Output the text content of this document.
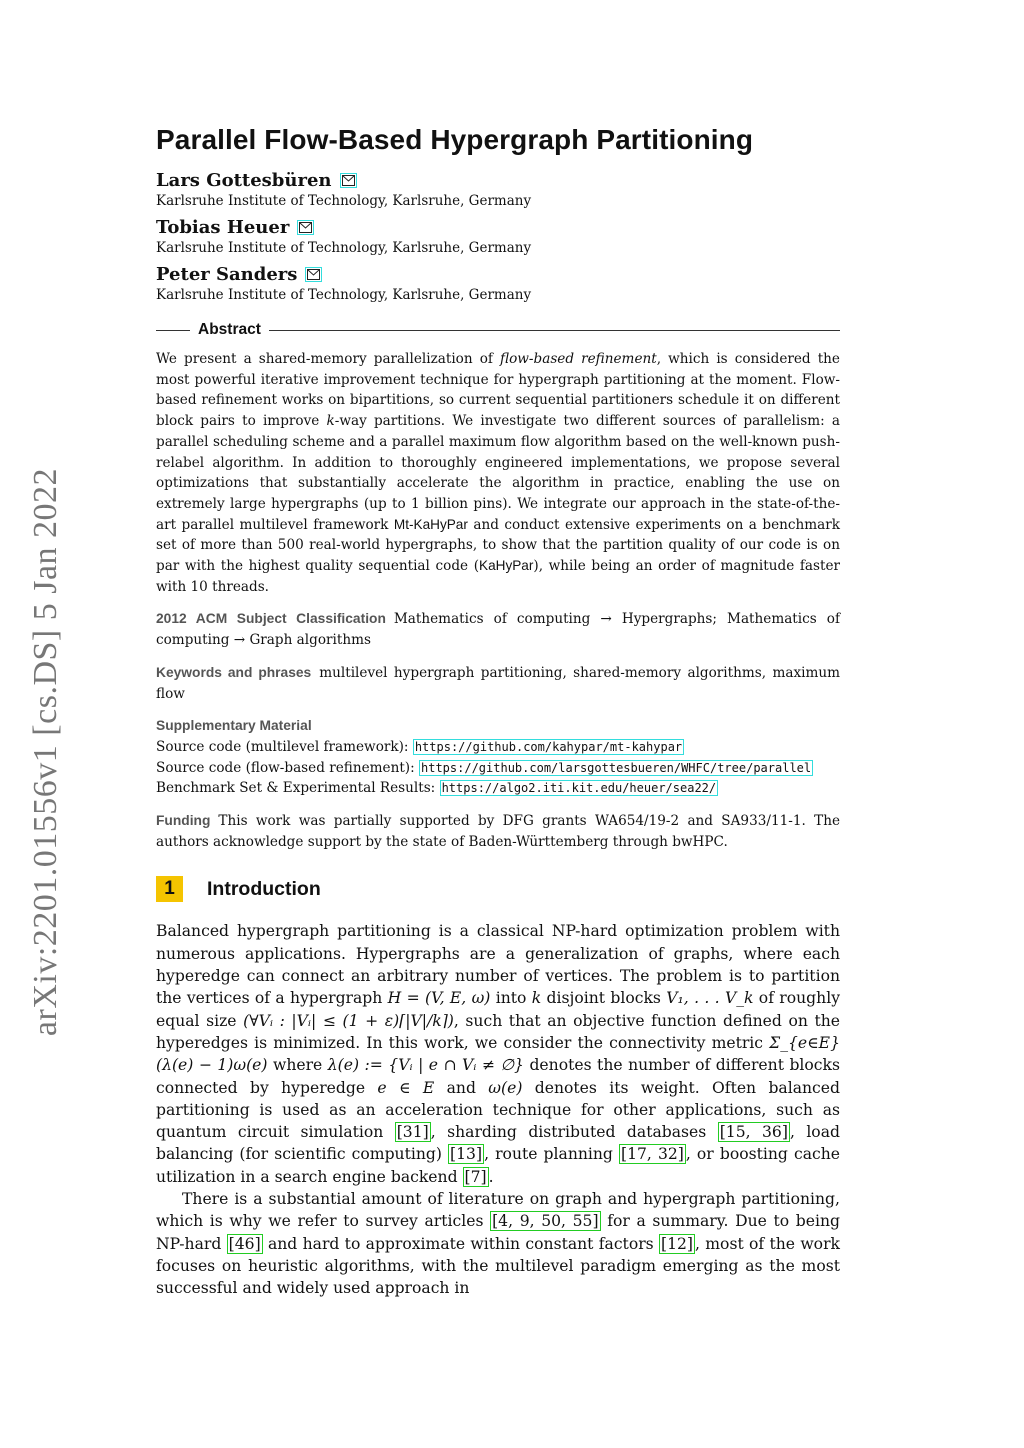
arXiv:2201.01556v1 [cs.DS] 5 Jan 2022
Parallel Flow-Based Hypergraph Partitioning
Lars Gottesbüren
Karlsruhe Institute of Technology, Karlsruhe, Germany
Tobias Heuer
Karlsruhe Institute of Technology, Karlsruhe, Germany
Peter Sanders
Karlsruhe Institute of Technology, Karlsruhe, Germany
Abstract
We present a shared-memory parallelization of flow-based refinement, which is considered the most powerful iterative improvement technique for hypergraph partitioning at the moment. Flow-based refinement works on bipartitions, so current sequential partitioners schedule it on different block pairs to improve k-way partitions. We investigate two different sources of parallelism: a parallel scheduling scheme and a parallel maximum flow algorithm based on the well-known push-relabel algorithm. In addition to thoroughly engineered implementations, we propose several optimizations that substantially accelerate the algorithm in practice, enabling the use on extremely large hypergraphs (up to 1 billion pins). We integrate our approach in the state-of-the-art parallel multilevel framework Mt-KaHyPar and conduct extensive experiments on a benchmark set of more than 500 real-world hypergraphs, to show that the partition quality of our code is on par with the highest quality sequential code (KaHyPar), while being an order of magnitude faster with 10 threads.
2012 ACM Subject Classification Mathematics of computing → Hypergraphs; Mathematics of computing → Graph algorithms
Keywords and phrases multilevel hypergraph partitioning, shared-memory algorithms, maximum flow
Supplementary Material
Source code (multilevel framework): https://github.com/kahypar/mt-kahypar
Source code (flow-based refinement): https://github.com/larsgottesbueren/WHFC/tree/parallel
Benchmark Set & Experimental Results: https://algo2.iti.kit.edu/heuer/sea22/
Funding This work was partially supported by DFG grants WA654/19-2 and SA933/11-1. The authors acknowledge support by the state of Baden-Württemberg through bwHPC.
1	Introduction

Balanced hypergraph partitioning is a classical NP-hard optimization problem with numerous applications. Hypergraphs are a generalization of graphs, where each hyperedge can connect an arbitrary number of vertices. The problem is to partition the vertices of a hypergraph H = (V, E, ω) into k disjoint blocks V₁, . . . V_k of roughly equal size (∀Vᵢ : |Vᵢ| ≤ (1 + ε)⌈|V|/k⌉), such that an objective function defined on the hyperedges is minimized. In this work, we consider the connectivity metric Σ_{e∈E}(λ(e) − 1)ω(e) where λ(e) := {Vᵢ | e ∩ Vᵢ ≠ ∅} denotes the number of different blocks connected by hyperedge e ∈ E and ω(e) denotes its weight. Often balanced partitioning is used as an acceleration technique for other applications, such as quantum circuit simulation [31] , sharding distributed databases [15, 36] , load balancing (for scientific computing) [13] , route planning [17, 32] , or boosting cache utilization in a search engine backend [7] .

There is a substantial amount of literature on graph and hypergraph partitioning, which is why we refer to survey articles [4, 9, 50, 55] for a summary. Due to being NP-hard [46] and hard to approximate within constant factors [12] , most of the work focuses on heuristic algorithms, with the multilevel paradigm emerging as the most successful and widely used approach in
